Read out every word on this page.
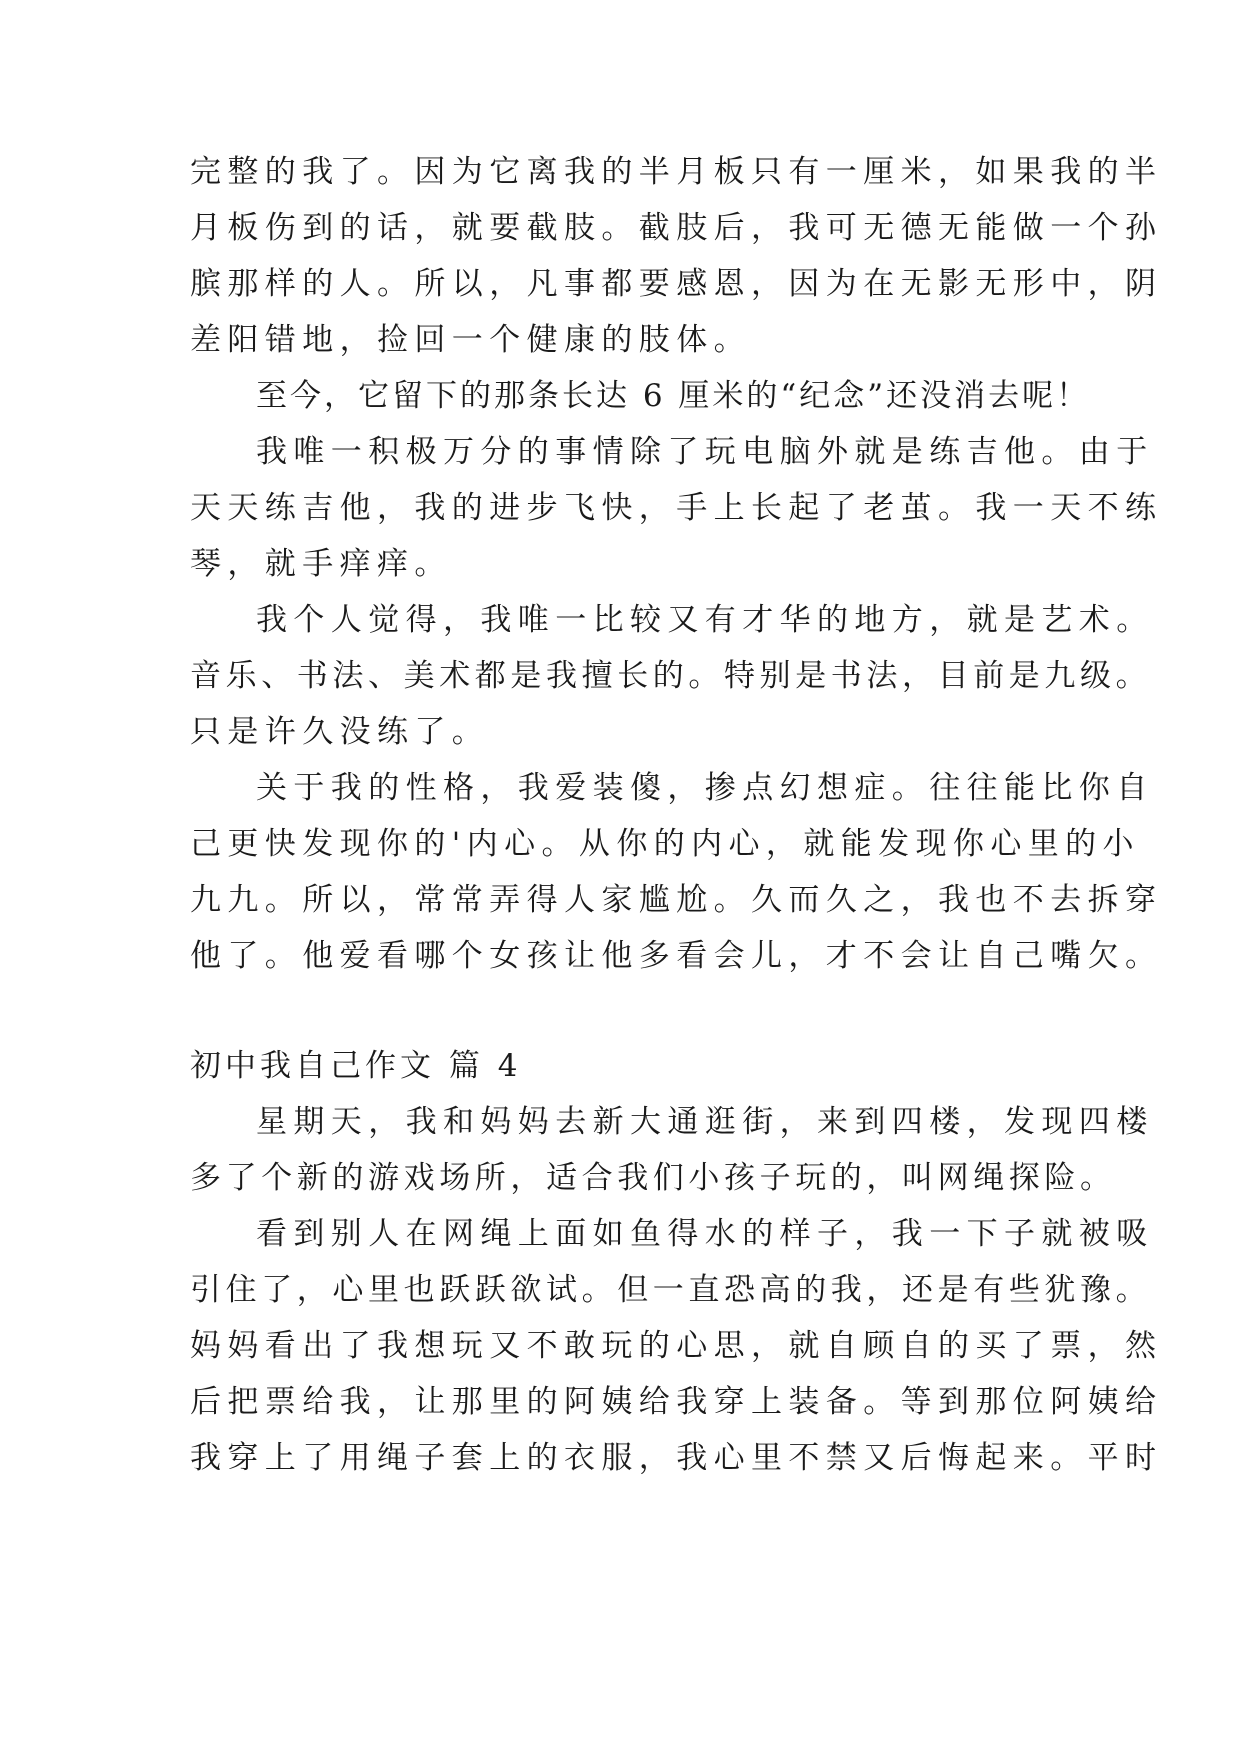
完整的我了。因为它离我的半月板只有一厘米，如果我的半
月板伤到的话，就要截肢。截肢后，我可无德无能做一个孙
膑那样的人。所以，凡事都要感恩，因为在无影无形中，阴
差阳错地，捡回一个健康的肢体。
至今，它留下的那条长达 6 厘米的“纪念”还没消去呢！
我唯一积极万分的事情除了玩电脑外就是练吉他。由于
天天练吉他，我的进步飞快，手上长起了老茧。我一天不练
琴，就手痒痒。
我个人觉得，我唯一比较又有才华的地方，就是艺术。
音乐、书法、美术都是我擅长的。特别是书法，目前是九级。
只是许久没练了。
关于我的性格，我爱装傻，掺点幻想症。往往能比你自
己更快发现你的'内心。从你的内心，就能发现你心里的小
九九。所以，常常弄得人家尴尬。久而久之，我也不去拆穿
他了。他爱看哪个女孩让他多看会儿，才不会让自己嘴欠。
初中我自己作文 篇 4
星期天，我和妈妈去新大通逛街，来到四楼，发现四楼
多了个新的游戏场所，适合我们小孩子玩的，叫网绳探险。
看到别人在网绳上面如鱼得水的样子，我一下子就被吸
引住了，心里也跃跃欲试。但一直恐高的我，还是有些犹豫。
妈妈看出了我想玩又不敢玩的心思，就自顾自的买了票，然
后把票给我，让那里的阿姨给我穿上装备。等到那位阿姨给
我穿上了用绳子套上的衣服，我心里不禁又后悔起来。平时
